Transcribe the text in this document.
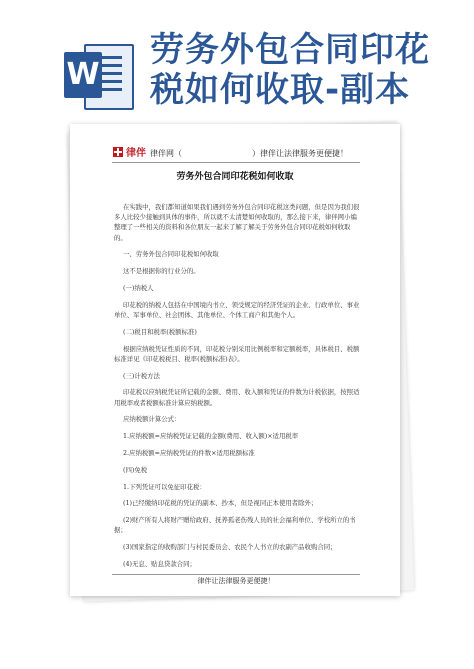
W
劳务外包合同印花
税如何收取-副本
律伴 律伴网（	）律伴让法律服务更便捷！
劳务外包合同印花税如何收取

在实践中，我们都知道如果我们遇到劳务外包合同印花税这类问题，但是因为我们很多人比较少接触到具体的事件，所以就不太清楚如何收取的，那么接下来，律伴网小编整理了一些相关的资料和各位朋友一起来了解了解关于劳务外包合同印花税如何收取的。

一、劳务外包合同印花税如何收取

这不是根据你的行业分的。

(一)纳税人

印花税的纳税人包括在中国境内书立、领受规定的经济凭证的企业、行政单位、事业单位、军事单位、社会团体、其他单位、个体工商户和其他个人。

(二)税目和税率(税额标准)

根据应纳税凭证性质的不同，印花税分别采用比例税率和定额税率，具体税目、税额标准详见《印花税税目、税率(税额标准)表》。

(三)计税方法

印花税以应纳税凭证所记载的金额、费用、收入额和凭证的件数为计税依据，按照适用税率或者税额标准计算应纳税额。

应纳税额计算公式：

1.应纳税额=应纳税凭证记载的金额(费用、收入额)×适用税率

2.应纳税额=应纳税凭证的件数×适用税额标准

(四)免税

1.下列凭证可以免征印花税：

(1)已经缴纳印花税的凭证的副本、抄本，但是视同正本使用者除外；

(2)财产所有人将财产赠给政府、抚养孤老伤残人员的社会福利单位、学校所立的书据；

(3)国家指定的收购部门与村民委员会、农民个人书立的农副产品收购合同；

(4)无息、贴息贷款合同；

律伴让法律服务更便捷！
